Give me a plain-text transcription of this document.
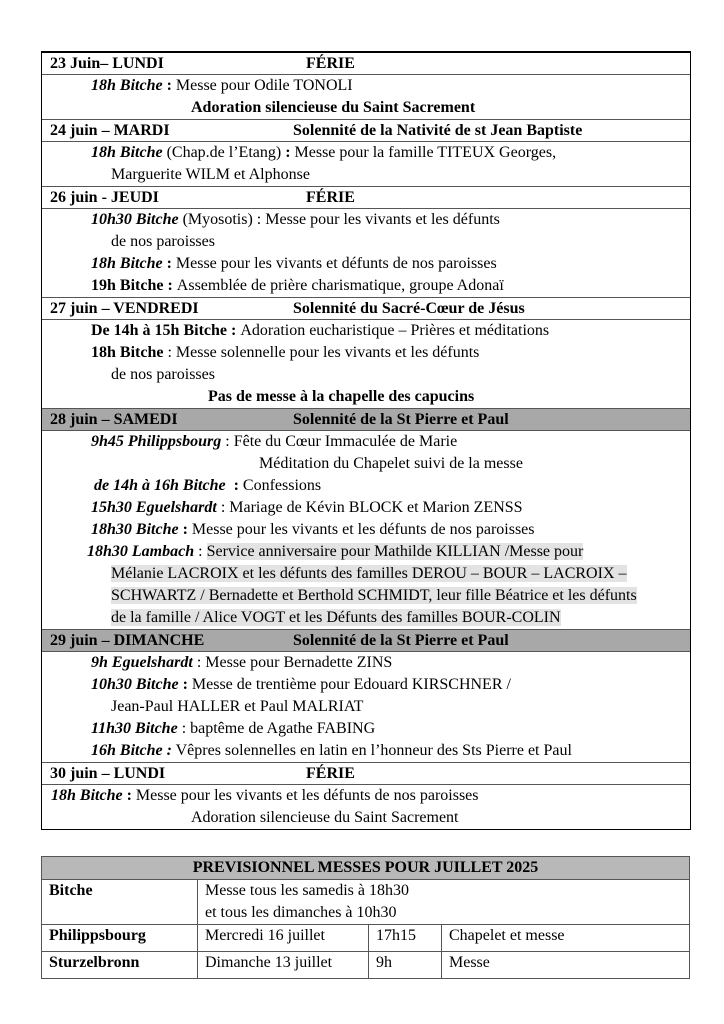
23 Juin– LUNDI	FÉRIE
18h Bitche : Messe pour Odile TONOLI
Adoration silencieuse du Saint Sacrement
24 juin – MARDI	Solennité de la Nativité de st Jean Baptiste
18h Bitche (Chap.de l’Etang) : Messe pour la famille TITEUX Georges,
Marguerite WILM et Alphonse
26 juin - JEUDI	FÉRIE
10h30 Bitche (Myosotis) : Messe pour les vivants et les défunts
de nos paroisses
18h Bitche : Messe pour les vivants et défunts de nos paroisses
19h Bitche : Assemblée de prière charismatique, groupe Adonaï
27 juin – VENDREDI	Solennité du Sacré-Cœur de Jésus
De 14h à 15h Bitche : Adoration eucharistique – Prières et méditations
18h Bitche : Messe solennelle pour les vivants et les défunts
de nos paroisses
Pas de messe à la chapelle des capucins
28 juin – SAMEDI	Solennité de la St Pierre et Paul
9h45 Philippsbourg : Fête du Cœur Immaculée de Marie
Méditation du Chapelet suivi de la messe
de 14h à 16h Bitche  : Confessions
15h30 Eguelshardt : Mariage de Kévin BLOCK et Marion ZENSS
18h30 Bitche : Messe pour les vivants et les défunts de nos paroisses
18h30 Lambach : Service anniversaire pour Mathilde KILLIAN /Messe pour
Mélanie LACROIX et les défunts des familles DEROU – BOUR – LACROIX –
SCHWARTZ / Bernadette et Berthold SCHMIDT, leur fille Béatrice et les défunts
de la famille / Alice VOGT et les Défunts des familles BOUR-COLIN
29 juin – DIMANCHE	Solennité de la St Pierre et Paul
9h Eguelshardt : Messe pour Bernadette ZINS
10h30 Bitche : Messe de trentième pour Edouard KIRSCHNER /
Jean-Paul HALLER et Paul MALRIAT
11h30 Bitche : baptême de Agathe FABING
16h Bitche : Vêpres solennelles en latin en l’honneur des Sts Pierre et Paul
30 juin – LUNDI	FÉRIE
18h Bitche : Messe pour les vivants et les défunts de nos paroisses
Adoration silencieuse du Saint Sacrement
PREVISIONNEL MESSES POUR JUILLET 2025			
Bitche	Messe tous les samedis à 18h30
et tous les dimanches à 10h30		

Philippsbourg	Mercredi 16 juillet	17h15	Chapelet et messe
Sturzelbronn	Dimanche 13 juillet	9h	Messe
